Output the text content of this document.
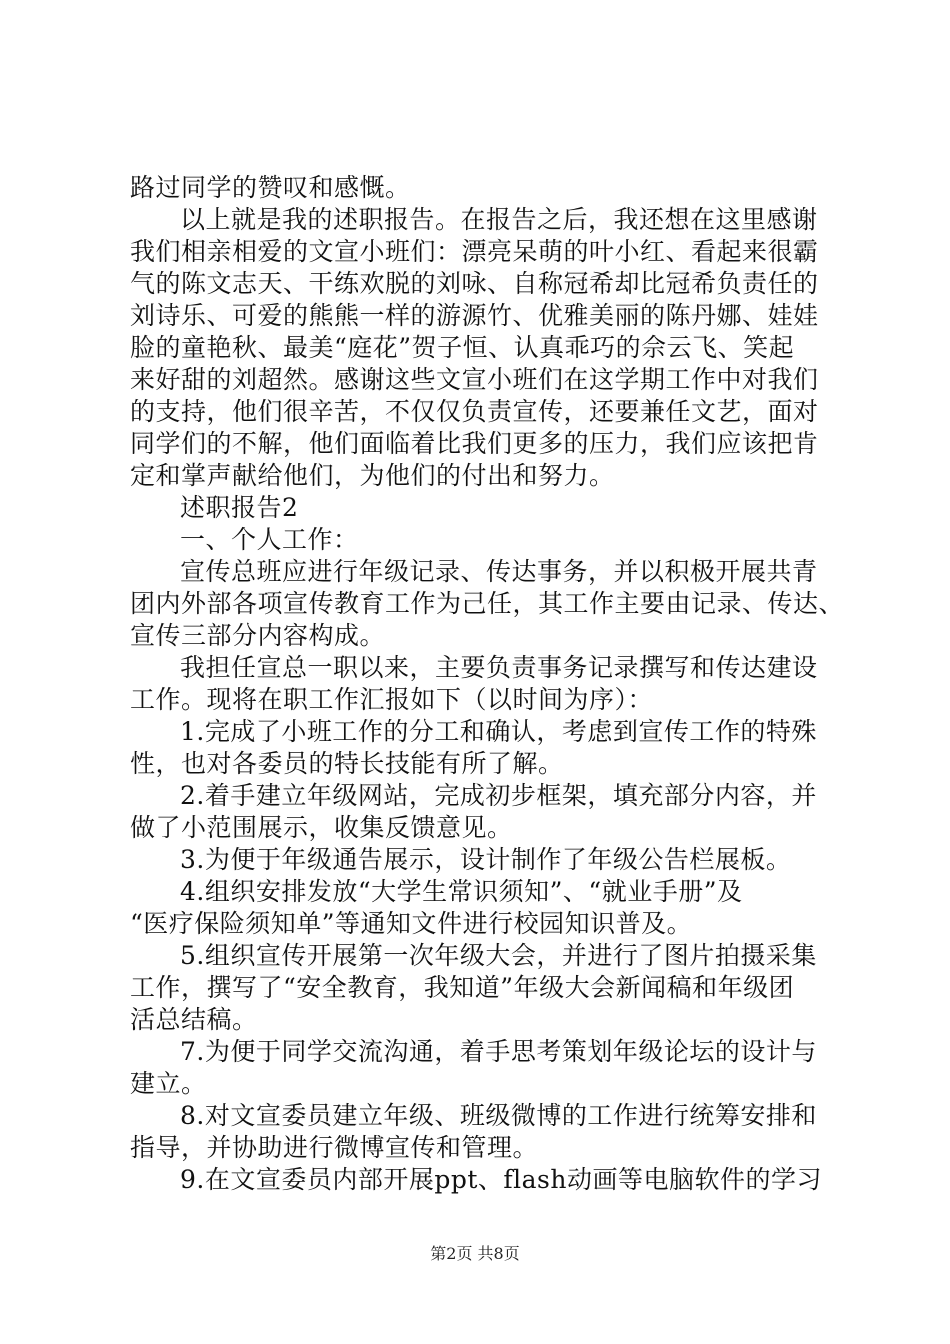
路过同学的赞叹和感慨。
以上就是我的述职报告。在报告之后，我还想在这里感谢
我们相亲相爱的文宣小班们：漂亮呆萌的叶小红、看起来很霸
气的陈文志天、干练欢脱的刘咏、自称冠希却比冠希负责任的
刘诗乐、可爱的熊熊一样的游源竹、优雅美丽的陈丹娜、娃娃
脸的童艳秋、最美“庭花”贺子恒、认真乖巧的佘云飞、笑起
来好甜的刘超然。感谢这些文宣小班们在这学期工作中对我们
的支持，他们很辛苦，不仅仅负责宣传，还要兼任文艺，面对
同学们的不解，他们面临着比我们更多的压力，我们应该把肯
定和掌声献给他们，为他们的付出和努力。
述职报告2
一、个人工作：
宣传总班应进行年级记录、传达事务，并以积极开展共青
团内外部各项宣传教育工作为己任，其工作主要由记录、传达、
宣传三部分内容构成。
我担任宣总一职以来，主要负责事务记录撰写和传达建设
工作。现将在职工作汇报如下（以时间为序）：
1.完成了小班工作的分工和确认，考虑到宣传工作的特殊
性，也对各委员的特长技能有所了解。
2.着手建立年级网站，完成初步框架，填充部分内容，并
做了小范围展示，收集反馈意见。
3.为便于年级通告展示，设计制作了年级公告栏展板。
4.组织安排发放“大学生常识须知”、“就业手册”及
“医疗保险须知单”等通知文件进行校园知识普及。
5.组织宣传开展第一次年级大会，并进行了图片拍摄采集
工作，撰写了“安全教育，我知道”年级大会新闻稿和年级团
活总结稿。
7.为便于同学交流沟通，着手思考策划年级论坛的设计与
建立。
8.对文宣委员建立年级、班级微博的工作进行统筹安排和
指导，并协助进行微博宣传和管理。
9.在文宣委员内部开展ppt、flash动画等电脑软件的学习
第2页 共8页
